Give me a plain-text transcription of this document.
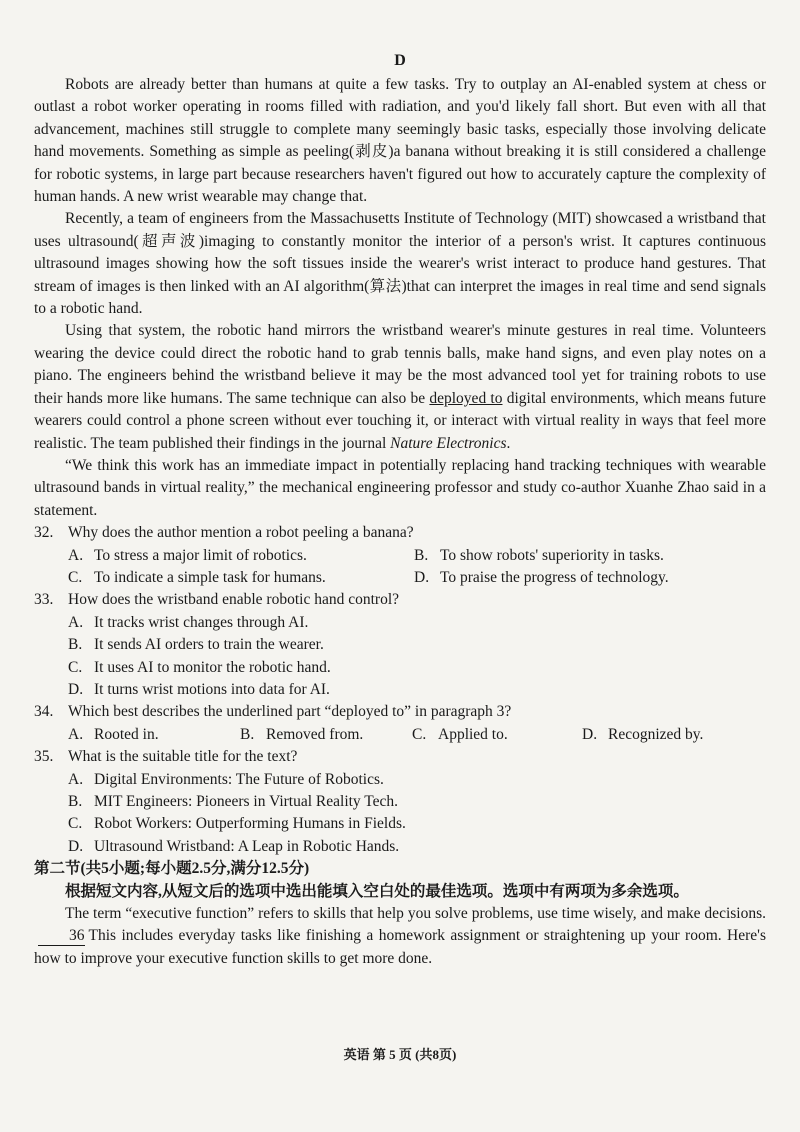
D

Robots are already better than humans at quite a few tasks. Try to outplay an AI-enabled system at chess or outlast a robot worker operating in rooms filled with radiation, and you'd likely fall short. But even with all that advancement, machines still struggle to complete many seemingly basic tasks, especially those involving delicate hand movements. Something as simple as peeling(剥皮)a banana without breaking it is still considered a challenge for robotic systems, in large part because researchers haven't figured out how to accurately capture the complexity of human hands. A new wrist wearable may change that.

Recently, a team of engineers from the Massachusetts Institute of Technology (MIT) showcased a wristband that uses ultrasound(超声波)imaging to constantly monitor the interior of a person's wrist. It captures continuous ultrasound images showing how the soft tissues inside the wearer's wrist interact to produce hand gestures. That stream of images is then linked with an AI algorithm(算法)that can interpret the images in real time and send signals to a robotic hand.

Using that system, the robotic hand mirrors the wristband wearer's minute gestures in real time. Volunteers wearing the device could direct the robotic hand to grab tennis balls, make hand signs, and even play notes on a piano. The engineers behind the wristband believe it may be the most advanced tool yet for training robots to use their hands more like humans. The same technique can also be deployed to digital environments, which means future wearers could control a phone screen without ever touching it, or interact with virtual reality in ways that feel more realistic. The team published their findings in the journal Nature Electronics.

“We think this work has an immediate impact in potentially replacing hand tracking techniques with wearable ultrasound bands in virtual reality,” the mechanical engineering professor and study co-author Xuanhe Zhao said in a statement.

32. Why does the author mention a robot peeling a banana?

A. To stress a major limit of robotics.	B. To show robots' superiority in tasks.
C. To indicate a simple task for humans.	D. To praise the progress of technology.

33. How does the wristband enable robotic hand control?

A. It tracks wrist changes through AI.
B. It sends AI orders to train the wearer.
C. It uses AI to monitor the robotic hand.
D. It turns wrist motions into data for AI.

34. Which best describes the underlined part “deployed to” in paragraph 3?

A. Rooted in.	B. Removed from.	C. Applied to.	D. Recognized by.

35. What is the suitable title for the text?

A. Digital Environments: The Future of Robotics.
B. MIT Engineers: Pioneers in Virtual Reality Tech.
C. Robot Workers: Outperforming Humans in Fields.
D. Ultrasound Wristband: A Leap in Robotic Hands.

第二节(共5小题;每小题2.5分,满分12.5分)

根据短文内容,从短文后的选项中选出能填入空白处的最佳选项。选项中有两项为多余选项。

The term “executive function” refers to skills that help you solve problems, use time wisely, and make decisions.36 This includes everyday tasks like finishing a homework assignment or straightening up your room. Here's how to improve your executive function skills to get more done.

英语 第 5 页 (共8页)
